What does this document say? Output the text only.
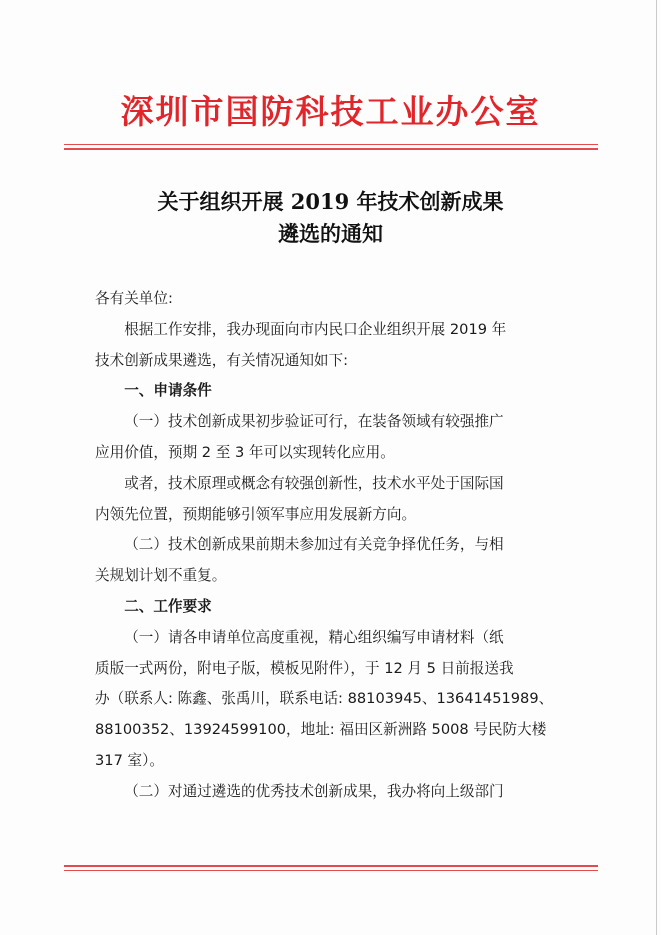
深圳市国防科技工业办公室
关于组织开展 2019 年技术创新成果
遴选的通知

各有关单位:

根据工作安排，我办现面向市内民口企业组织开展 2019 年
技术创新成果遴选，有关情况通知如下:

一、申请条件

（一）技术创新成果初步验证可行，在装备领域有较强推广
应用价值，预期 2 至 3 年可以实现转化应用。

或者，技术原理或概念有较强创新性，技术水平处于国际国
内领先位置，预期能够引领军事应用发展新方向。

（二）技术创新成果前期未参加过有关竞争择优任务，与相
关规划计划不重复。

二、工作要求

（一）请各申请单位高度重视，精心组织编写申请材料（纸
质版一式两份，附电子版，模板见附件），于 12 月 5 日前报送我
办（联系人: 陈鑫、张禹川，联系电话: 88103945、13641451989、
88100352、13924599100，地址: 福田区新洲路 5008 号民防大楼
317 室）。

（二）对通过遴选的优秀技术创新成果，我办将向上级部门
